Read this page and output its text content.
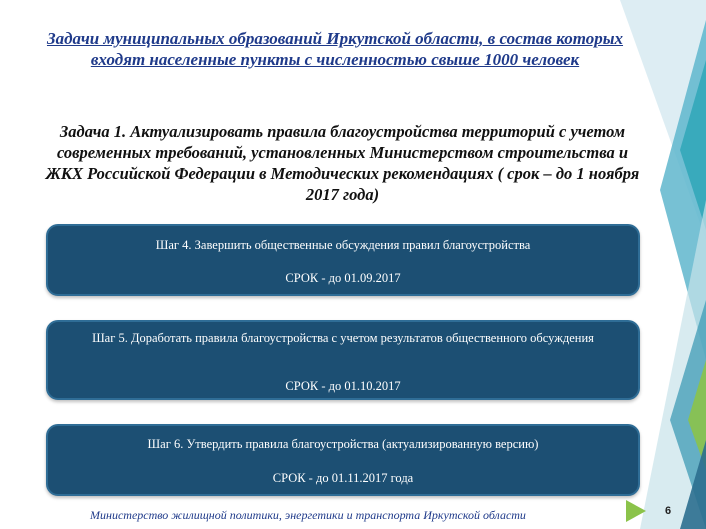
Задачи муниципальных образований Иркутской области, в состав которых входят населенные пункты с численностью свыше 1000 человек
Задача 1. Актуализировать правила благоустройства территорий с учетом современных требований, установленных Министерством строительства и ЖКХ Российской Федерации в Методических рекомендациях ( срок – до 1 ноября 2017 года)
Шаг 4. Завершить общественные обсуждения правил благоустройства
СРОК - до 01.09.2017
Шаг 5. Доработать правила благоустройства с учетом результатов общественного обсуждения
СРОК - до 01.10.2017
Шаг 6. Утвердить правила благоустройства (актуализированную версию)
СРОК - до 01.11.2017 года
Министерство жилищной политики, энергетики и транспорта Иркутской области	6
